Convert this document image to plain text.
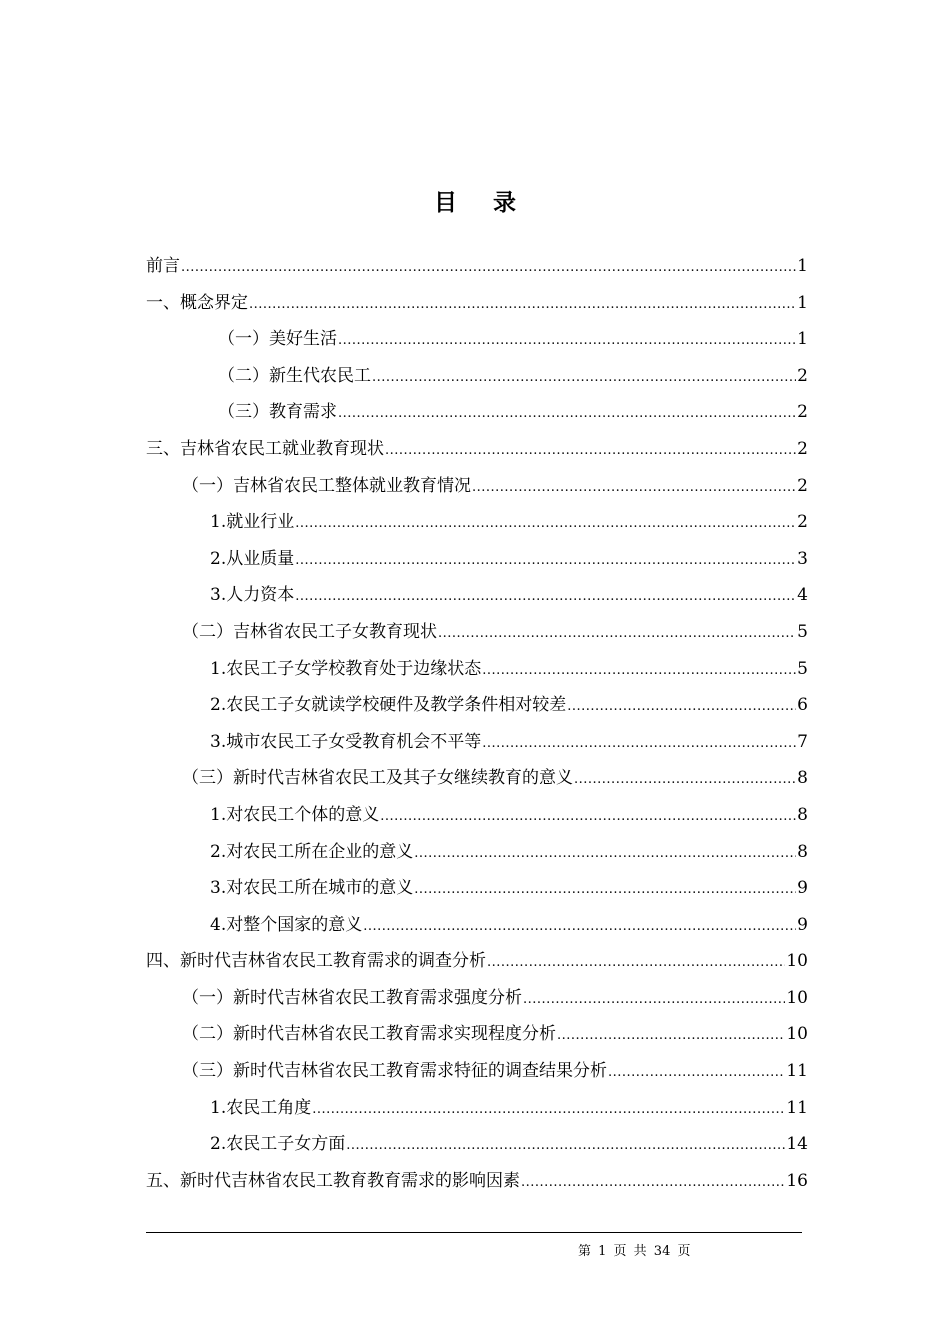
目 录
前言 .....	1
一、概念界定 .....	1
（一）美好生活 .....	1
（二）新生代农民工 .....	2
（三）教育需求 .....	2
三、吉林省农民工就业教育现状 .....	2
（一）吉林省农民工整体就业教育情况 .....	2
1.就业行业 .....	2
2.从业质量 .....	3
3.人力资本 .....	4
（二）吉林省农民工子女教育现状 .....	5
1.农民工子女学校教育处于边缘状态 .....	5
2.农民工子女就读学校硬件及教学条件相对较差 .....	6
3.城市农民工子女受教育机会不平等 .....	7
（三）新时代吉林省农民工及其子女继续教育的意义 .....	8
1.对农民工个体的意义 .....	8
2.对农民工所在企业的意义 .....	8
3.对农民工所在城市的意义 .....	9
4.对整个国家的意义 .....	9
四、新时代吉林省农民工教育需求的调查分析 .....	10
（一）新时代吉林省农民工教育需求强度分析 .....	10
（二）新时代吉林省农民工教育需求实现程度分析 .....	10
（三）新时代吉林省农民工教育需求特征的调查结果分析 .....	11
1.农民工角度 .....	11
2.农民工子女方面 .....	14
五、新时代吉林省农民工教育教育需求的影响因素 .....	16
第 1 页 共 34 页
